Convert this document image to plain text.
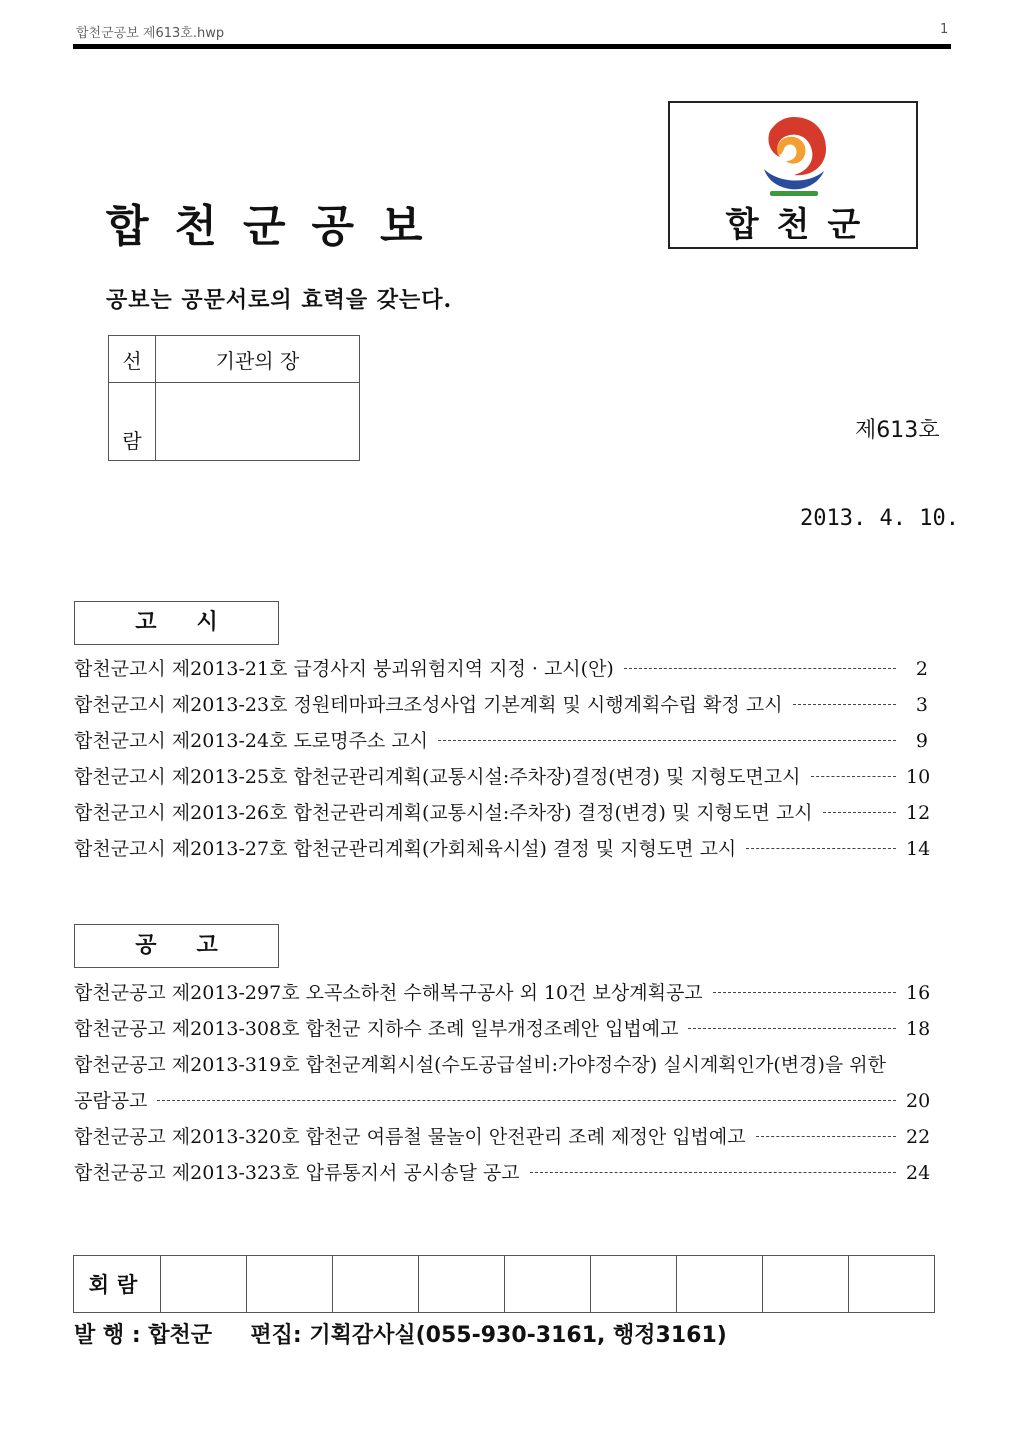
합천군공보 제613호.hwp	1
합천군공보	합천군
공보는 공문서로의 효력을 갖는다.
선	기관의 장
람		제613호
2013. 4. 10.
고시
합천군고시 제2013-21호 급경사지 붕괴위험지역 지정 · 고시(안)	2
합천군고시 제2013-23호 정원테마파크조성사업 기본계획 및 시행계획수립 확정 고시	3
합천군고시 제2013-24호 도로명주소 고시	9
합천군고시 제2013-25호 합천군관리계획(교통시설:주차장)결정(변경) 및 지형도면고시	10
합천군고시 제2013-26호 합천군관리계획(교통시설:주차장) 결정(변경) 및 지형도면 고시	12
합천군고시 제2013-27호 합천군관리계획(가회체육시설) 결정 및 지형도면 고시	14
공고
합천군공고 제2013-297호 오곡소하천 수해복구공사 외 10건 보상계획공고	16
합천군공고 제2013-308호 합천군 지하수 조례 일부개정조례안 입법예고	18
합천군공고 제2013-319호 합천군계획시설(수도공급설비:가야정수장) 실시계획인가(변경)을 위한
공람공고	20
합천군공고 제2013-320호 합천군 여름철 물놀이 안전관리 조례 제정안 입법예고	22
합천군공고 제2013-323호 압류통지서 공시송달 공고	24
회람									
발 행 : 합천군 편집: 기획감사실(055-930-3161, 행정3161)
